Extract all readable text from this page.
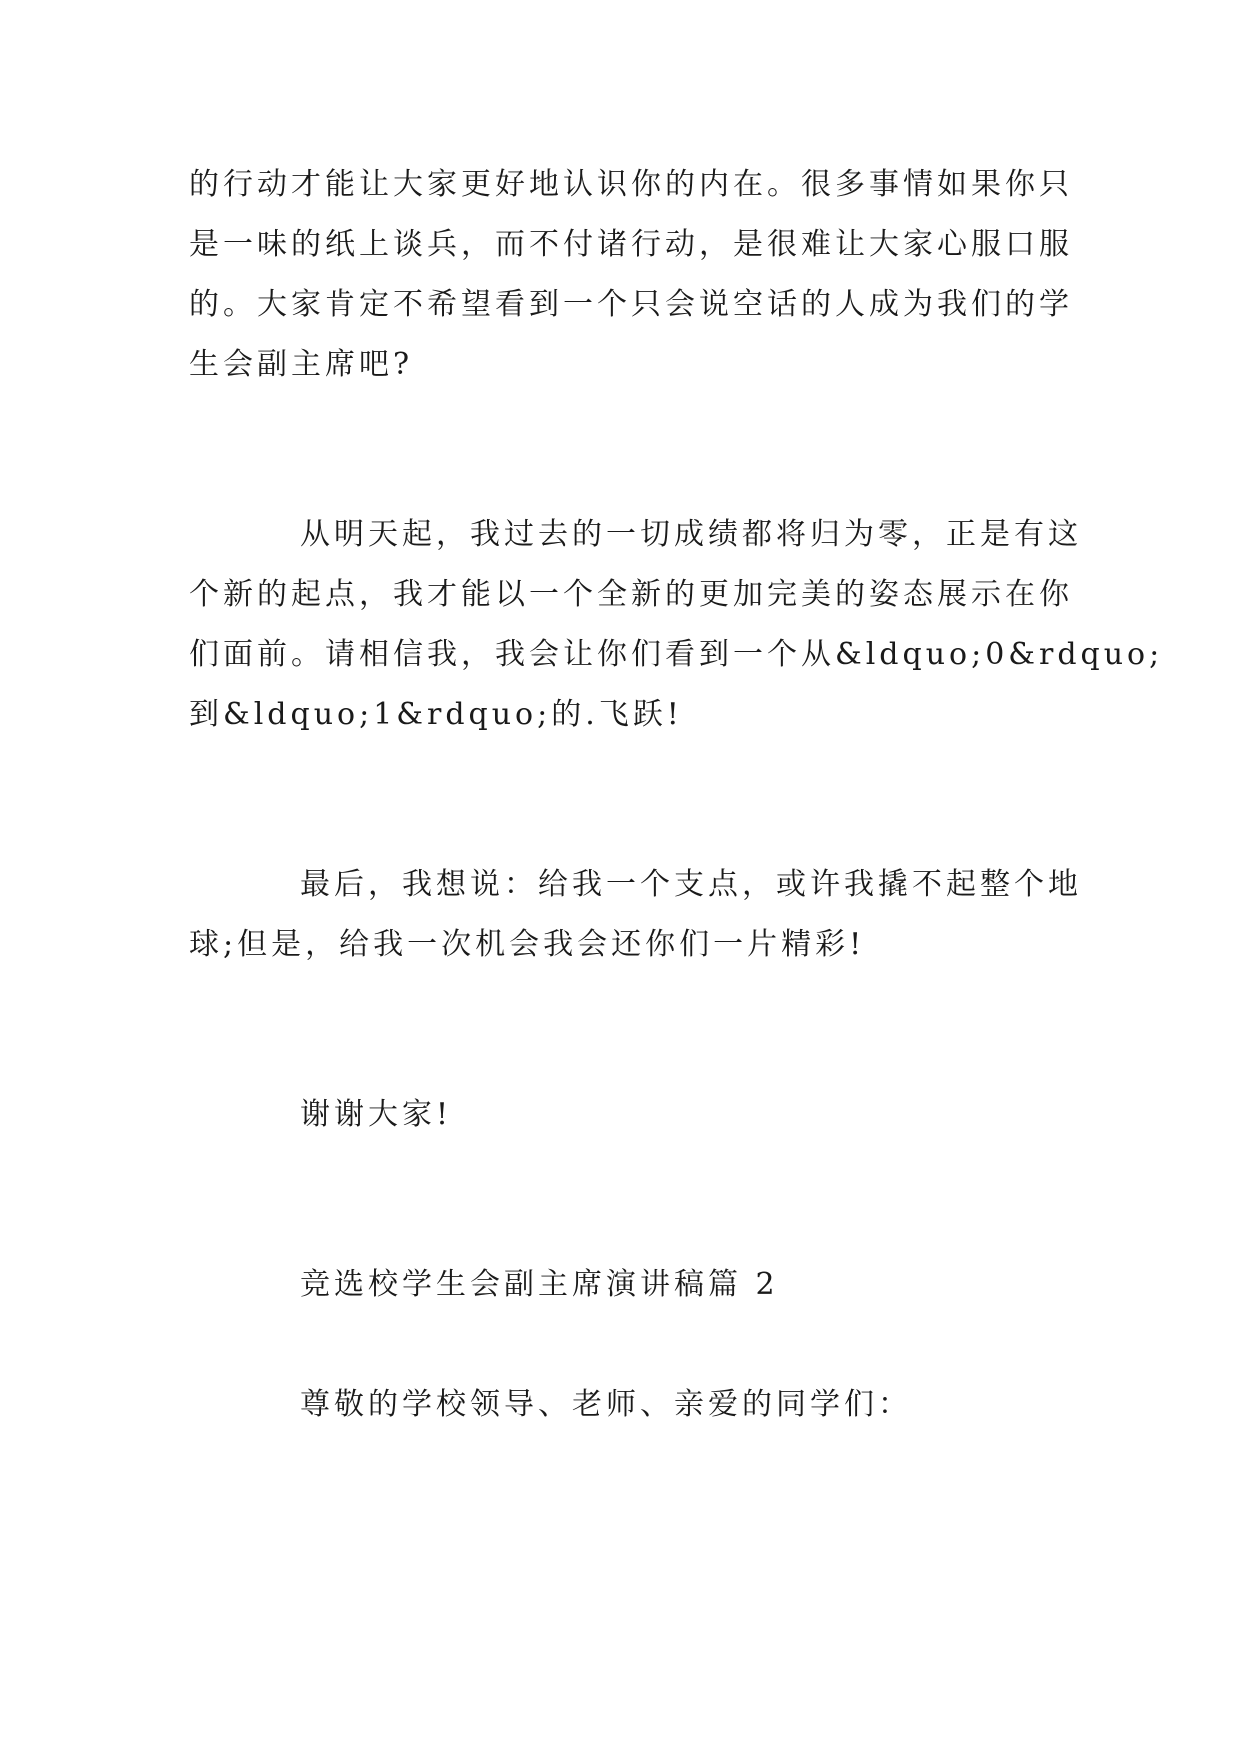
的行动才能让大家更好地认识你的内在。很多事情如果你只
是一味的纸上谈兵，而不付诸行动，是很难让大家心服口服
的。大家肯定不希望看到一个只会说空话的人成为我们的学
生会副主席吧?
从明天起，我过去的一切成绩都将归为零，正是有这
个新的起点，我才能以一个全新的更加完美的姿态展示在你
们面前。请相信我，我会让你们看到一个从&ldquo;0&rdquo;
到&ldquo;1&rdquo;的.飞跃!
最后，我想说：给我一个支点，或许我撬不起整个地
球;但是，给我一次机会我会还你们一片精彩!
谢谢大家!
竞选校学生会副主席演讲稿篇 2
尊敬的学校领导、老师、亲爱的同学们：
